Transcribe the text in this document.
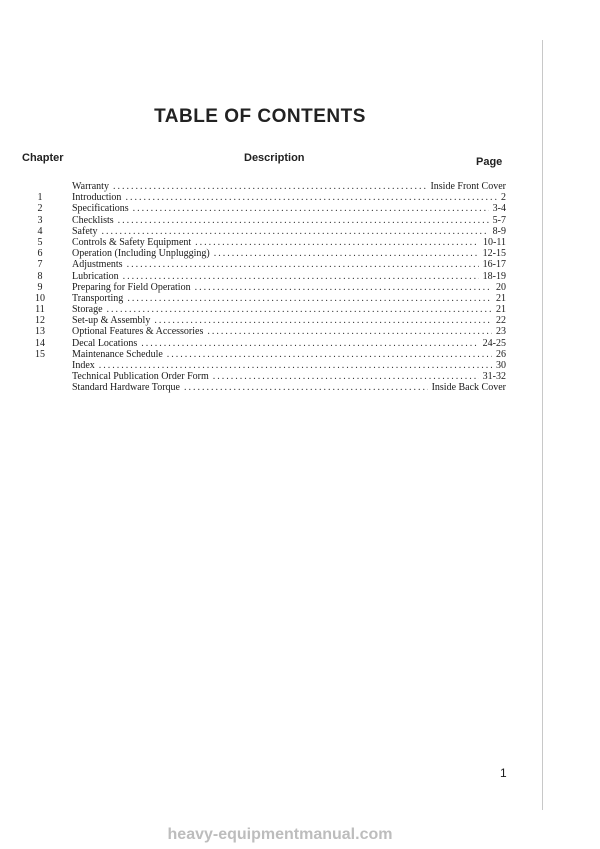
TABLE OF CONTENTS
Chapter	Description	Page
Warranty .....	Inside Front Cover
1	Introduction .....	2
2	Specifications .....	3-4
3	Checklists .....	5-7
4	Safety .....	8-9
5	Controls & Safety Equipment .....	10-11
6	Operation (Including Unplugging) .....	12-15
7	Adjustments .....	16-17
8	Lubrication .....	18-19
9	Preparing for Field Operation .....	20
10	Transporting .....	21
11	Storage .....	21
12	Set-up & Assembly .....	22
13	Optional Features & Accessories .....	23
14	Decal Locations .....	24-25
15	Maintenance Schedule .....	26
Index .....	30
Technical Publication Order Form .....	31-32
Standard Hardware Torque .....	Inside Back Cover
1
heavy-equipmentmanual.com
